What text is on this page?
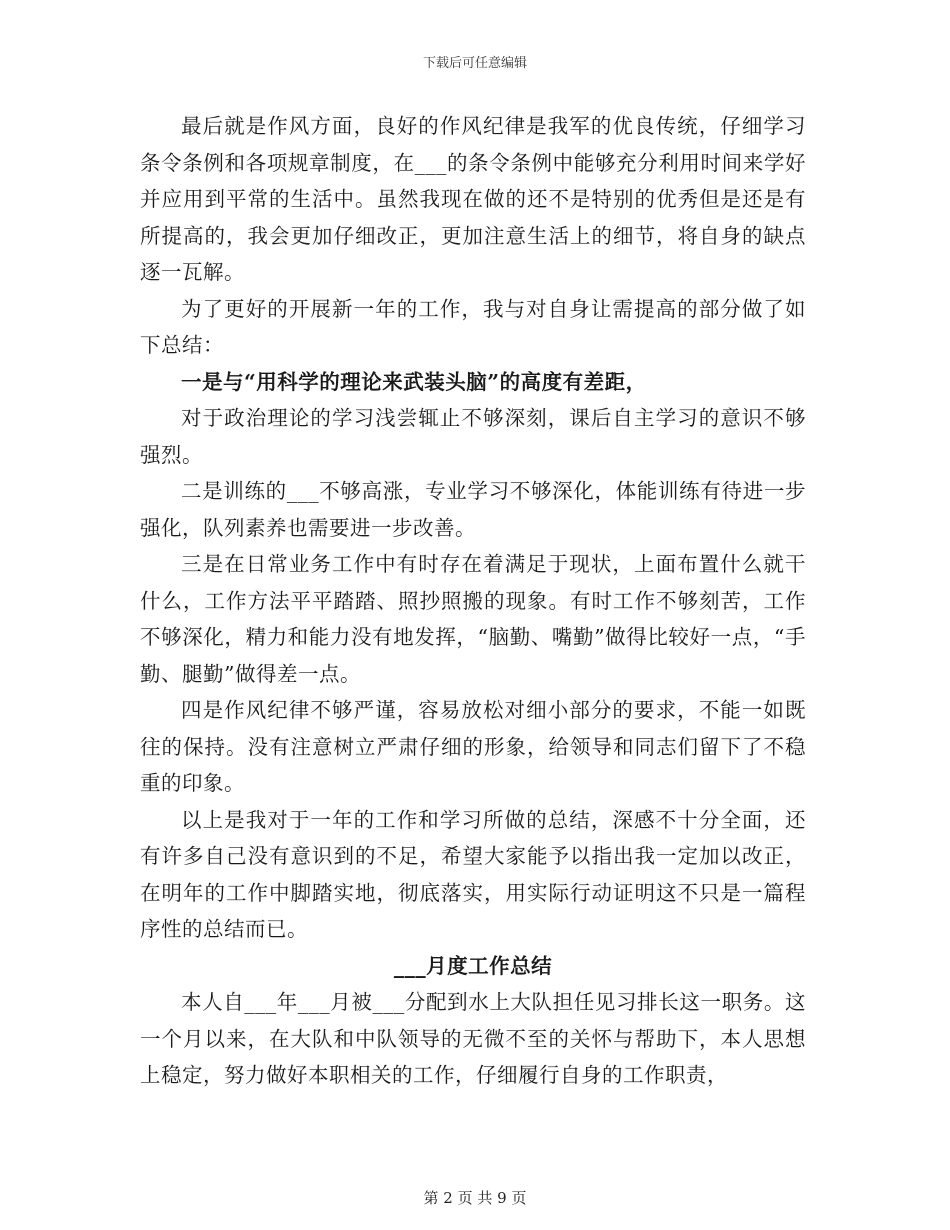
下载后可任意编辑

最后就是作风方面，良好的作风纪律是我军的优良传统，仔细学习条令条例和各项规章制度，在___的条令条例中能够充分利用时间来学好并应用到平常的生活中。虽然我现在做的还不是特别的优秀但是还是有所提高的，我会更加仔细改正，更加注意生活上的细节，将自身的缺点逐一瓦解。

为了更好的开展新一年的工作，我与对自身让需提高的部分做了如下总结：

一是与“用科学的理论来武装头脑”的高度有差距，

对于政治理论的学习浅尝辄止不够深刻，课后自主学习的意识不够强烈。

二是训练的___不够高涨，专业学习不够深化，体能训练有待进一步强化，队列素养也需要进一步改善。

三是在日常业务工作中有时存在着满足于现状，上面布置什么就干什么，工作方法平平踏踏、照抄照搬的现象。有时工作不够刻苦，工作不够深化，精力和能力没有地发挥，“脑勤、嘴勤”做得比较好一点，“手勤、腿勤”做得差一点。

四是作风纪律不够严谨，容易放松对细小部分的要求，不能一如既往的保持。没有注意树立严肃仔细的形象，给领导和同志们留下了不稳重的印象。

以上是我对于一年的工作和学习所做的总结，深感不十分全面，还有许多自己没有意识到的不足，希望大家能予以指出我一定加以改正，在明年的工作中脚踏实地，彻底落实，用实际行动证明这不只是一篇程序性的总结而已。

___月度工作总结

本人自___年___月被___分配到水上大队担任见习排长这一职务。这一个月以来，在大队和中队领导的无微不至的关怀与帮助下，本人思想上稳定，努力做好本职相关的工作，仔细履行自身的工作职责，

第 2 页 共 9 页
